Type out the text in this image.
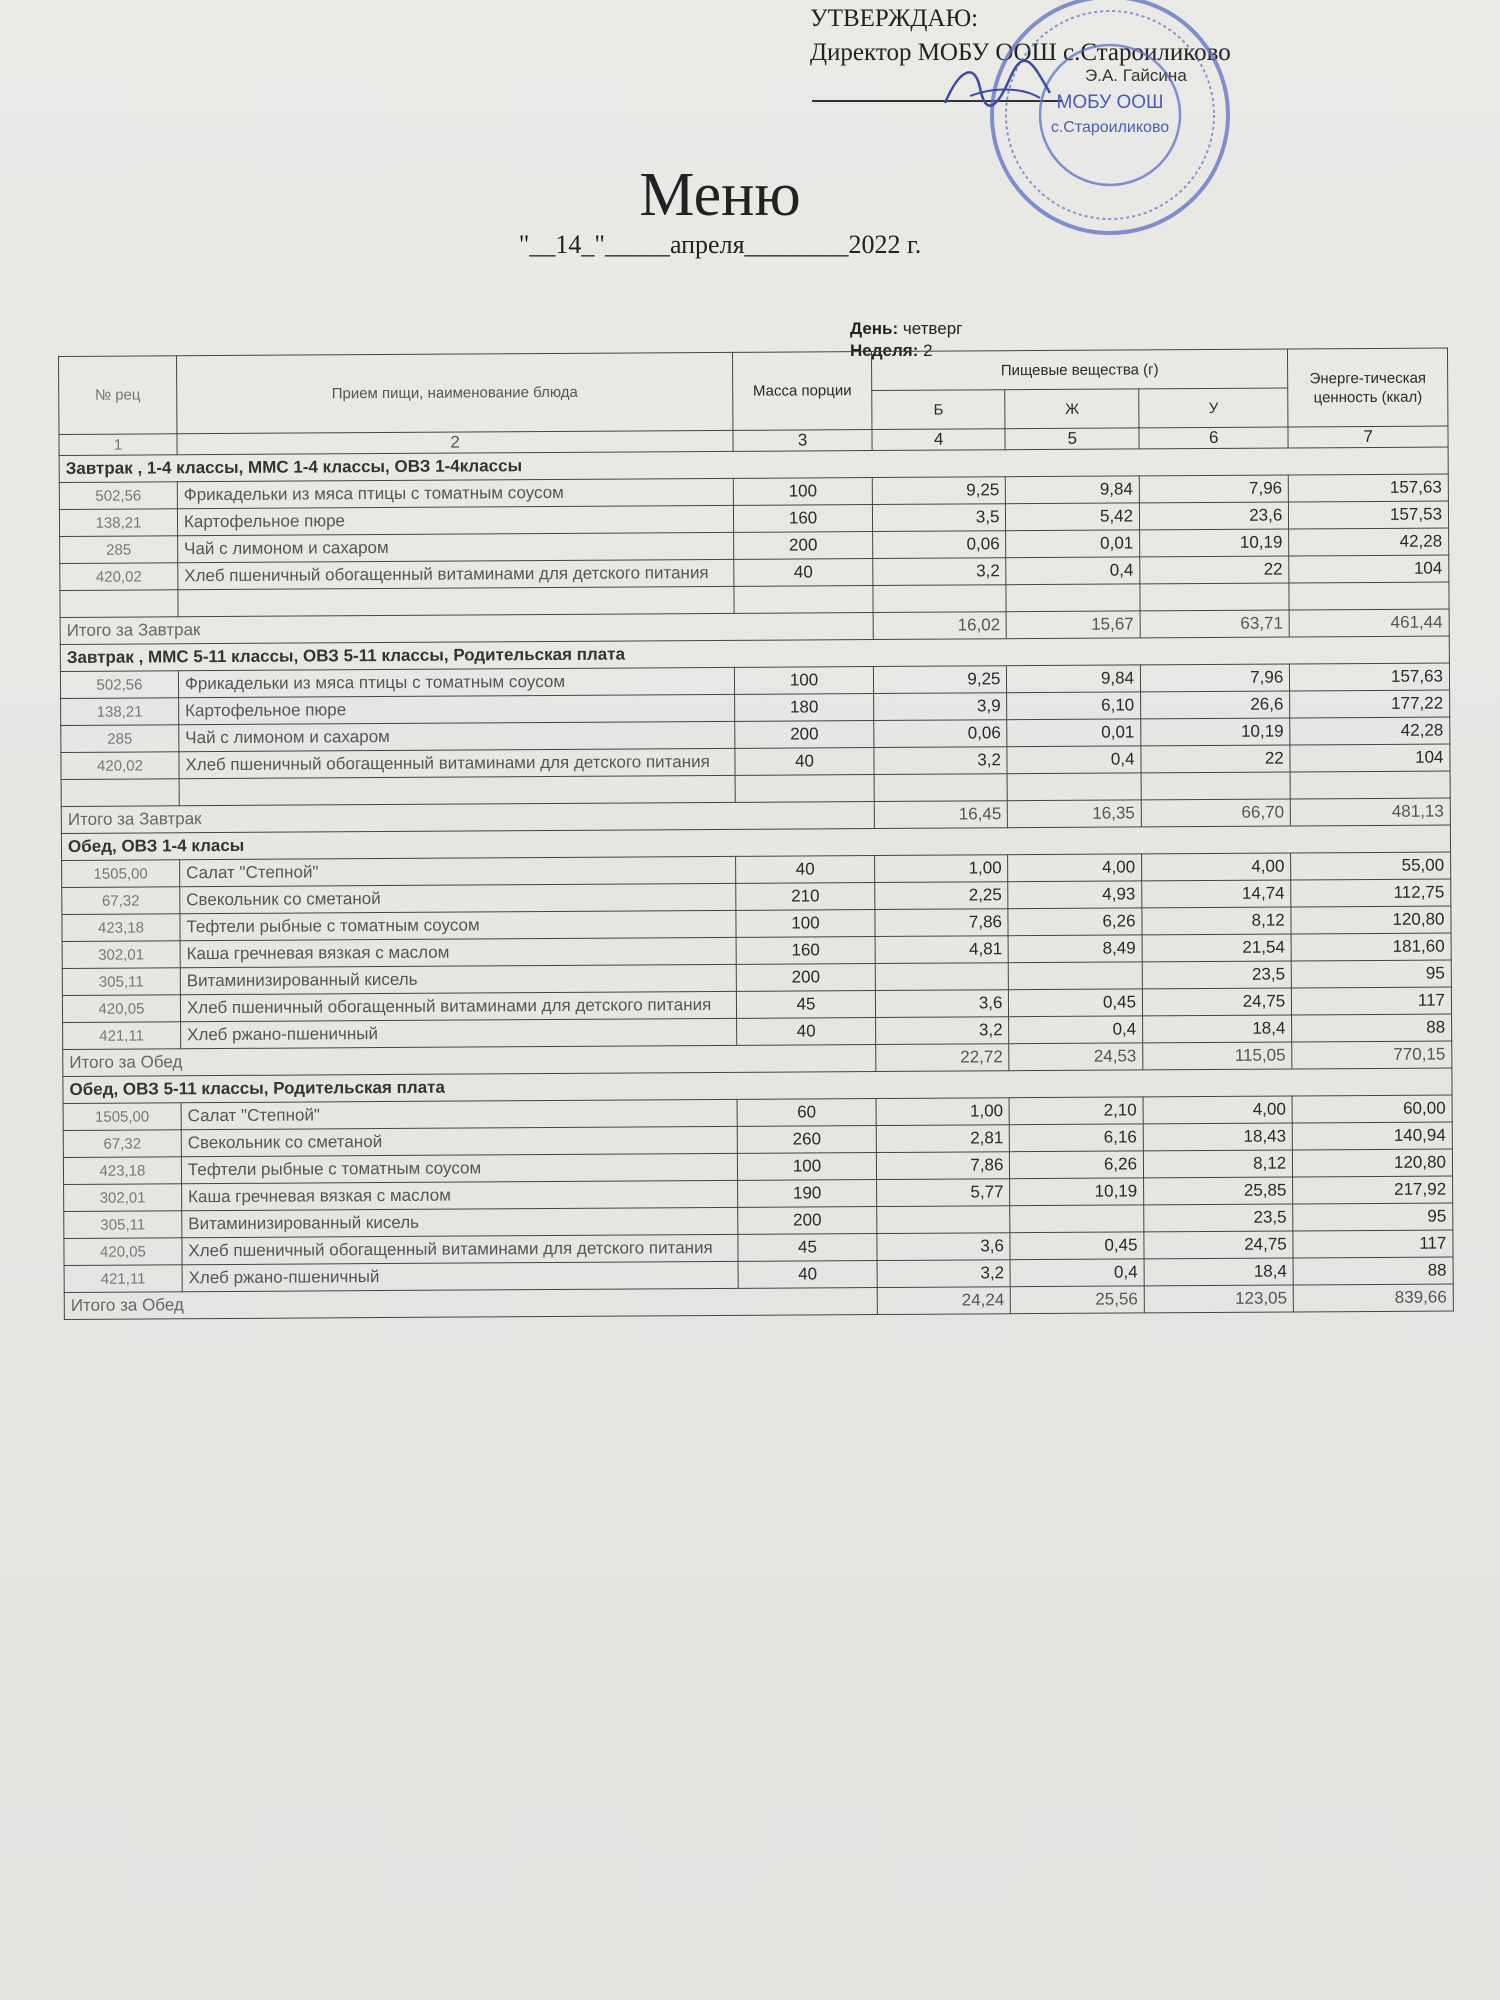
УТВЕРЖДАЮ:
Директор МОБУ ООШ с.Староиликово
Э.А. Гайсина
МОБУ ООШ
с.Староиликово
Меню
"__14_"_____апреля________2022 г.
День: четверг
Неделя: 2
№ рец	Прием пищи, наименование блюда	Масса порции	Пищевые вещества (г)			Энерге-тическая ценность (ккал)
			Б	Ж	У	
1	2	3	4	5	6	7
Завтрак , 1-4 классы, ММС 1-4 классы, ОВЗ 1-4классы						
502,56	Фрикадельки из мяса птицы с томатным соусом	100	9,25	9,84	7,96	157,63
138,21	Картофельное пюре	160	3,5	5,42	23,6	157,53
285	Чай с лимоном и сахаром	200	0,06	0,01	10,19	42,28
420,02	Хлеб пшеничный обогащенный витаминами для детского питания	40	3,2	0,4	22	104

Итого за Завтрак			16,02	15,67	63,71	461,44
Завтрак , ММС 5-11 классы, ОВЗ 5-11 классы, Родительская плата						
502,56	Фрикадельки из мяса птицы с томатным соусом	100	9,25	9,84	7,96	157,63
138,21	Картофельное пюре	180	3,9	6,10	26,6	177,22
285	Чай с лимоном и сахаром	200	0,06	0,01	10,19	42,28
420,02	Хлеб пшеничный обогащенный витаминами для детского питания	40	3,2	0,4	22	104

Итого за Завтрак			16,45	16,35	66,70	481,13
Обед, ОВЗ 1-4 класы						
1505,00	Салат "Степной"	40	1,00	4,00	4,00	55,00
67,32	Свекольник со сметаной	210	2,25	4,93	14,74	112,75
423,18	Тефтели рыбные с томатным соусом	100	7,86	6,26	8,12	120,80
302,01	Каша гречневая вязкая с маслом	160	4,81	8,49	21,54	181,60
305,11	Витаминизированный кисель	200			23,5	95
420,05	Хлеб пшеничный обогащенный витаминами для детского питания	45	3,6	0,45	24,75	117
421,11	Хлеб ржано-пшеничный	40	3,2	0,4	18,4	88
Итого за Обед			22,72	24,53	115,05	770,15
Обед, ОВЗ 5-11 классы, Родительская плата						
1505,00	Салат "Степной"	60	1,00	2,10	4,00	60,00
67,32	Свекольник со сметаной	260	2,81	6,16	18,43	140,94
423,18	Тефтели рыбные с томатным соусом	100	7,86	6,26	8,12	120,80
302,01	Каша гречневая вязкая с маслом	190	5,77	10,19	25,85	217,92
305,11	Витаминизированный кисель	200			23,5	95
420,05	Хлеб пшеничный обогащенный витаминами для детского питания	45	3,6	0,45	24,75	117
421,11	Хлеб ржано-пшеничный	40	3,2	0,4	18,4	88
Итого за Обед			24,24	25,56	123,05	839,66
